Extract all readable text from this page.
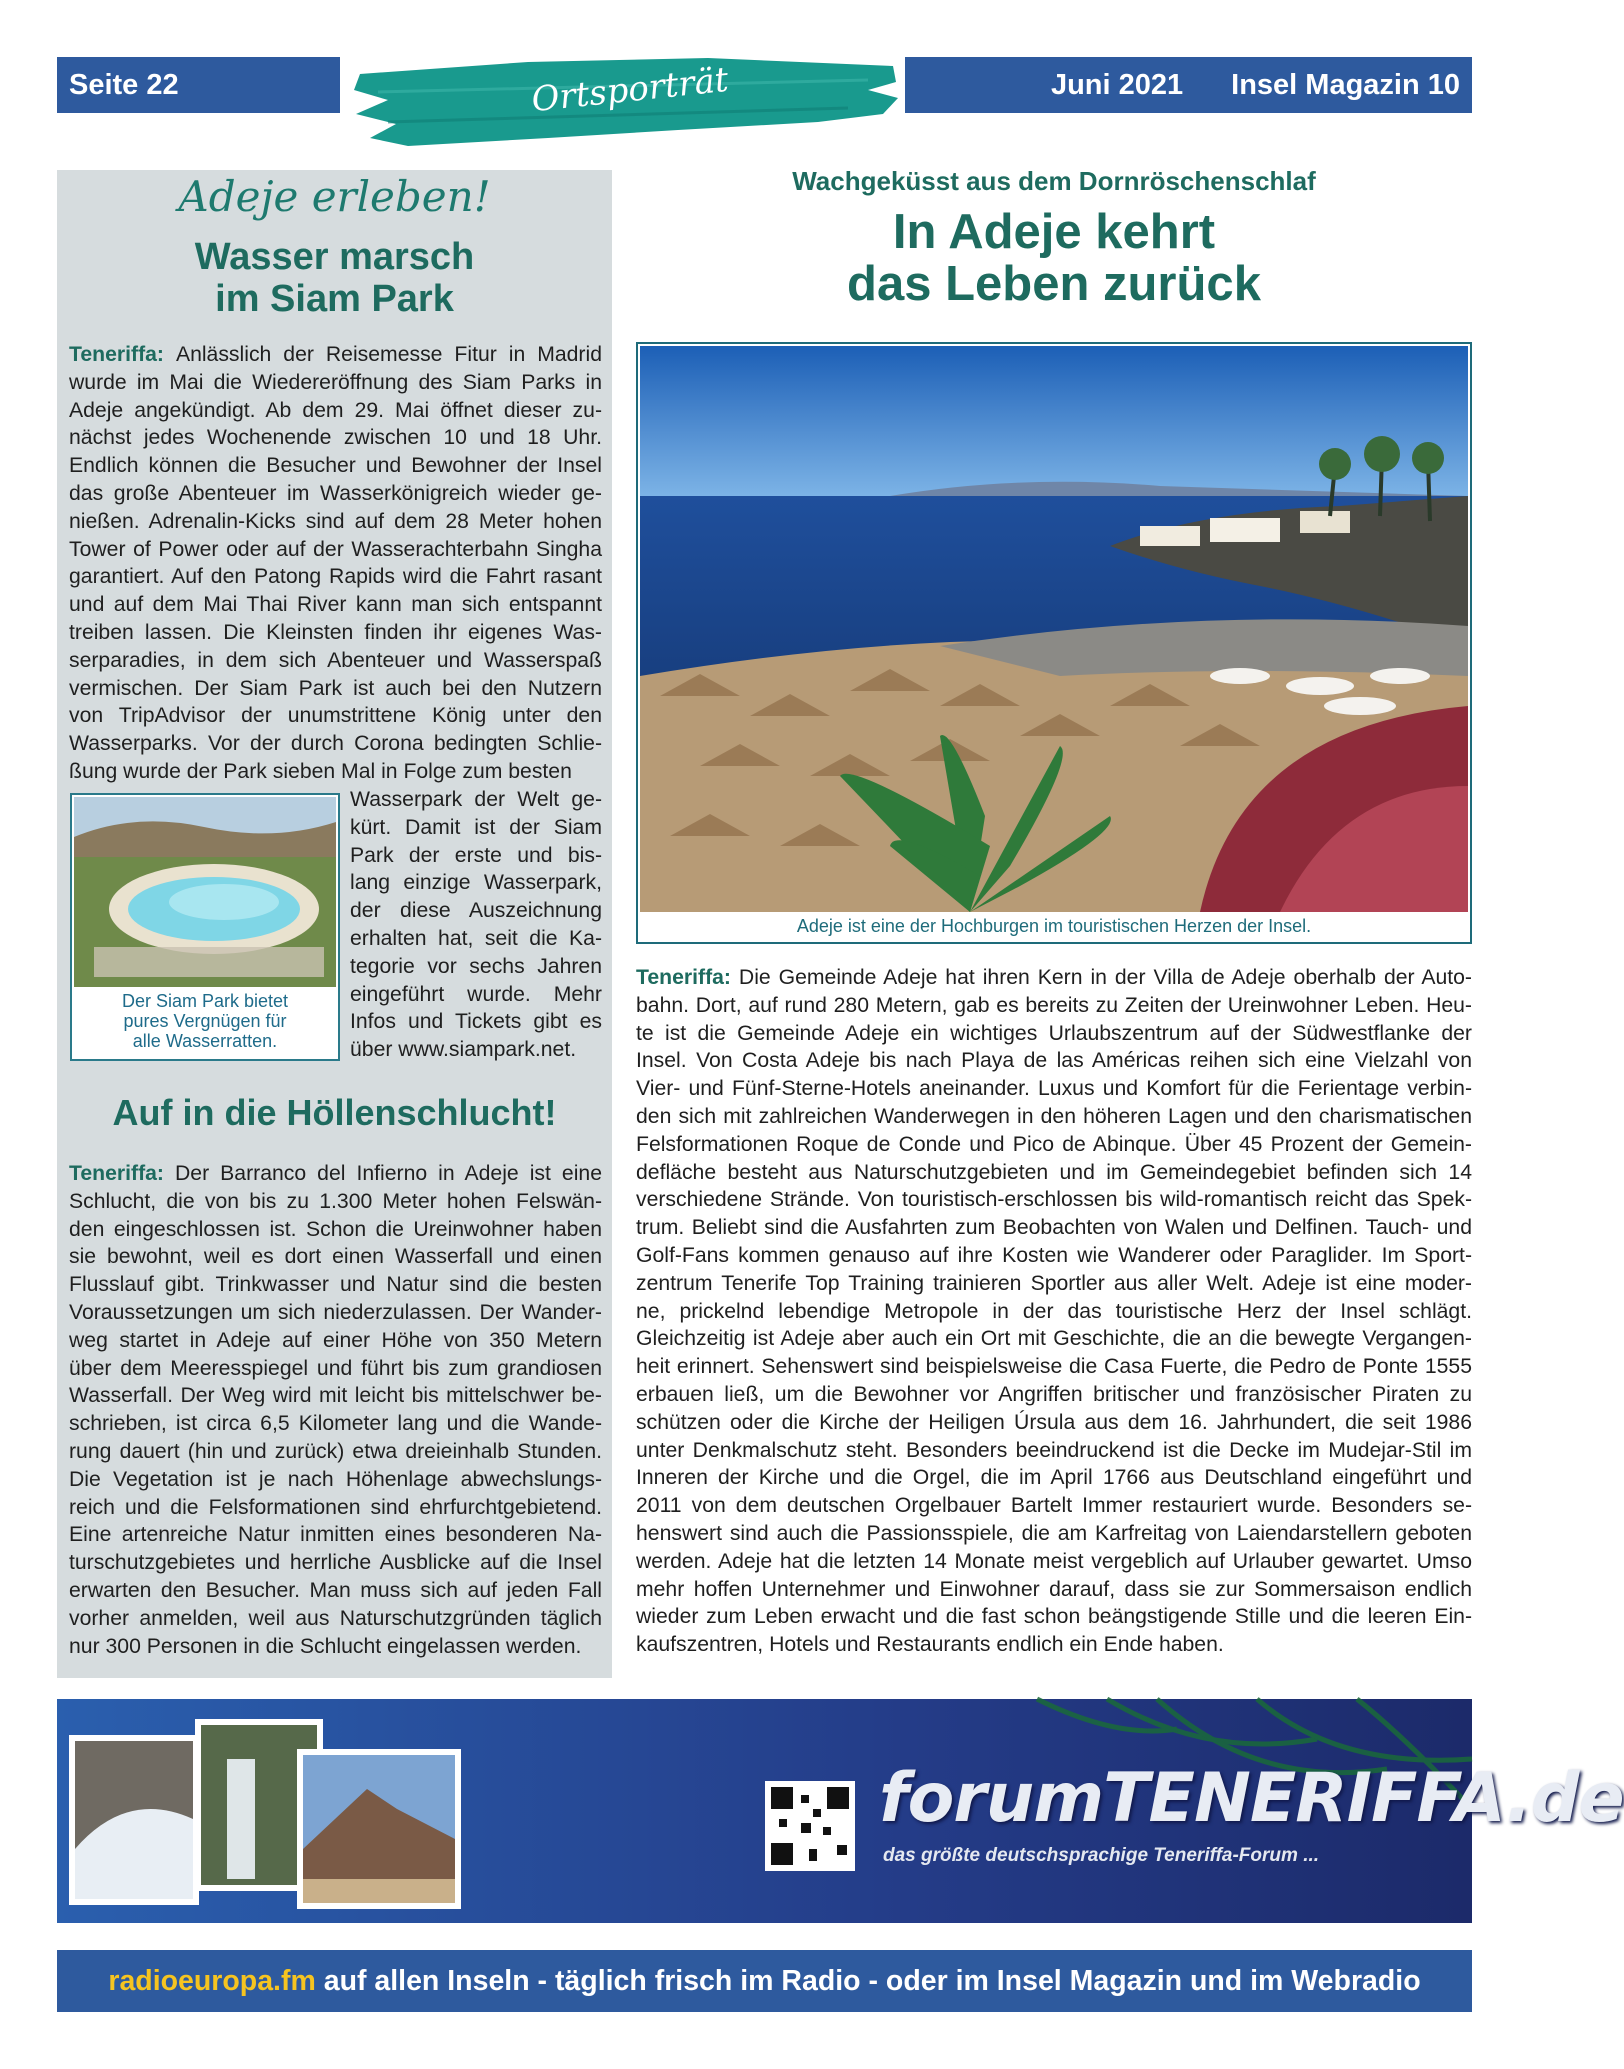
Seite 22	Ortsporträt	Juni 2021 Insel Magazin 10
Adeje erleben!
Wasser marsch
im Siam Park
Teneriffa: Anlässlich der Reisemesse Fitur in Madrid
wurde im Mai die Wiedereröffnung des Siam Parks in
Adeje angekündigt. Ab dem 29. Mai öffnet dieser zu-
nächst jedes Wochenende zwischen 10 und 18 Uhr.
Endlich können die Besucher und Bewohner der Insel
das große Abenteuer im Wasserkönigreich wieder ge-
nießen. Adrenalin-Kicks sind auf dem 28 Meter hohen
Tower of Power oder auf der Wasserachterbahn Singha
garantiert. Auf den Patong Rapids wird die Fahrt rasant
und auf dem Mai Thai River kann man sich entspannt
treiben lassen. Die Kleinsten finden ihr eigenes Was-
serparadies, in dem sich Abenteuer und Wasserspaß
vermischen. Der Siam Park ist auch bei den Nutzern
von TripAdvisor der unumstrittene König unter den
Wasserparks. Vor der durch Corona bedingten Schlie-
ßung wurde der Park sieben Mal in Folge zum besten
Wasserpark der Welt ge-
kürt. Damit ist der Siam
Park der erste und bis-
lang einzige Wasserpark,
der diese Auszeichnung
erhalten hat, seit die Ka-
tegorie vor sechs Jahren
eingeführt wurde. Mehr
Infos und Tickets gibt es
über www.siampark.net.
Der Siam Park bietet
pures Vergnügen für
alle Wasserratten.
Auf in die Höllenschlucht!
Teneriffa: Der Barranco del Infierno in Adeje ist eine
Schlucht, die von bis zu 1.300 Meter hohen Felswän-
den eingeschlossen ist. Schon die Ureinwohner haben
sie bewohnt, weil es dort einen Wasserfall und einen
Flusslauf gibt. Trinkwasser und Natur sind die besten
Voraussetzungen um sich niederzulassen. Der Wander-
weg startet in Adeje auf einer Höhe von 350 Metern
über dem Meeresspiegel und führt bis zum grandiosen
Wasserfall. Der Weg wird mit leicht bis mittelschwer be-
schrieben, ist circa 6,5 Kilometer lang und die Wande-
rung dauert (hin und zurück) etwa dreieinhalb Stunden.
Die Vegetation ist je nach Höhenlage abwechslungs-
reich und die Felsformationen sind ehrfurchtgebietend.
Eine artenreiche Natur inmitten eines besonderen Na-
turschutzgebietes und herrliche Ausblicke auf die Insel
erwarten den Besucher. Man muss sich auf jeden Fall
vorher anmelden, weil aus Naturschutzgründen täglich
nur 300 Personen in die Schlucht eingelassen werden.
Wachgeküsst aus dem Dornröschenschlaf
In Adeje kehrt
das Leben zurück
Adeje ist eine der Hochburgen im touristischen Herzen der Insel.
Teneriffa: Die Gemeinde Adeje hat ihren Kern in der Villa de Adeje oberhalb der Auto-
bahn. Dort, auf rund 280 Metern, gab es bereits zu Zeiten der Ureinwohner Leben. Heu-
te ist die Gemeinde Adeje ein wichtiges Urlaubszentrum auf der Südwestflanke der
Insel. Von Costa Adeje bis nach Playa de las Américas reihen sich eine Vielzahl von
Vier- und Fünf-Sterne-Hotels aneinander. Luxus und Komfort für die Ferientage verbin-
den sich mit zahlreichen Wanderwegen in den höheren Lagen und den charismatischen
Felsformationen Roque de Conde und Pico de Abinque. Über 45 Prozent der Gemein-
defläche besteht aus Naturschutzgebieten und im Gemeindegebiet befinden sich 14
verschiedene Strände. Von touristisch-erschlossen bis wild-romantisch reicht das Spek-
trum. Beliebt sind die Ausfahrten zum Beobachten von Walen und Delfinen. Tauch- und
Golf-Fans kommen genauso auf ihre Kosten wie Wanderer oder Paraglider. Im Sport-
zentrum Tenerife Top Training trainieren Sportler aus aller Welt. Adeje ist eine moder-
ne, prickelnd lebendige Metropole in der das touristische Herz der Insel schlägt.
Gleichzeitig ist Adeje aber auch ein Ort mit Geschichte, die an die bewegte Vergangen-
heit erinnert. Sehenswert sind beispielsweise die Casa Fuerte, die Pedro de Ponte 1555
erbauen ließ, um die Bewohner vor Angriffen britischer und französischer Piraten zu
schützen oder die Kirche der Heiligen Úrsula aus dem 16. Jahrhundert, die seit 1986
unter Denkmalschutz steht. Besonders beeindruckend ist die Decke im Mudejar-Stil im
Inneren der Kirche und die Orgel, die im April 1766 aus Deutschland eingeführt und
2011 von dem deutschen Orgelbauer Bartelt Immer restauriert wurde. Besonders se-
henswert sind auch die Passionsspiele, die am Karfreitag von Laiendarstellern geboten
werden. Adeje hat die letzten 14 Monate meist vergeblich auf Urlauber gewartet. Umso
mehr hoffen Unternehmer und Einwohner darauf, dass sie zur Sommersaison endlich
wieder zum Leben erwacht und die fast schon beängstigende Stille und die leeren Ein-
kaufszentren, Hotels und Restaurants endlich ein Ende haben.
forumTENERIFFA.de
das größte deutschsprachige Teneriffa-Forum ...
radioeuropa.fm auf allen Inseln - täglich frisch im Radio - oder im Insel Magazin und im Webradio
